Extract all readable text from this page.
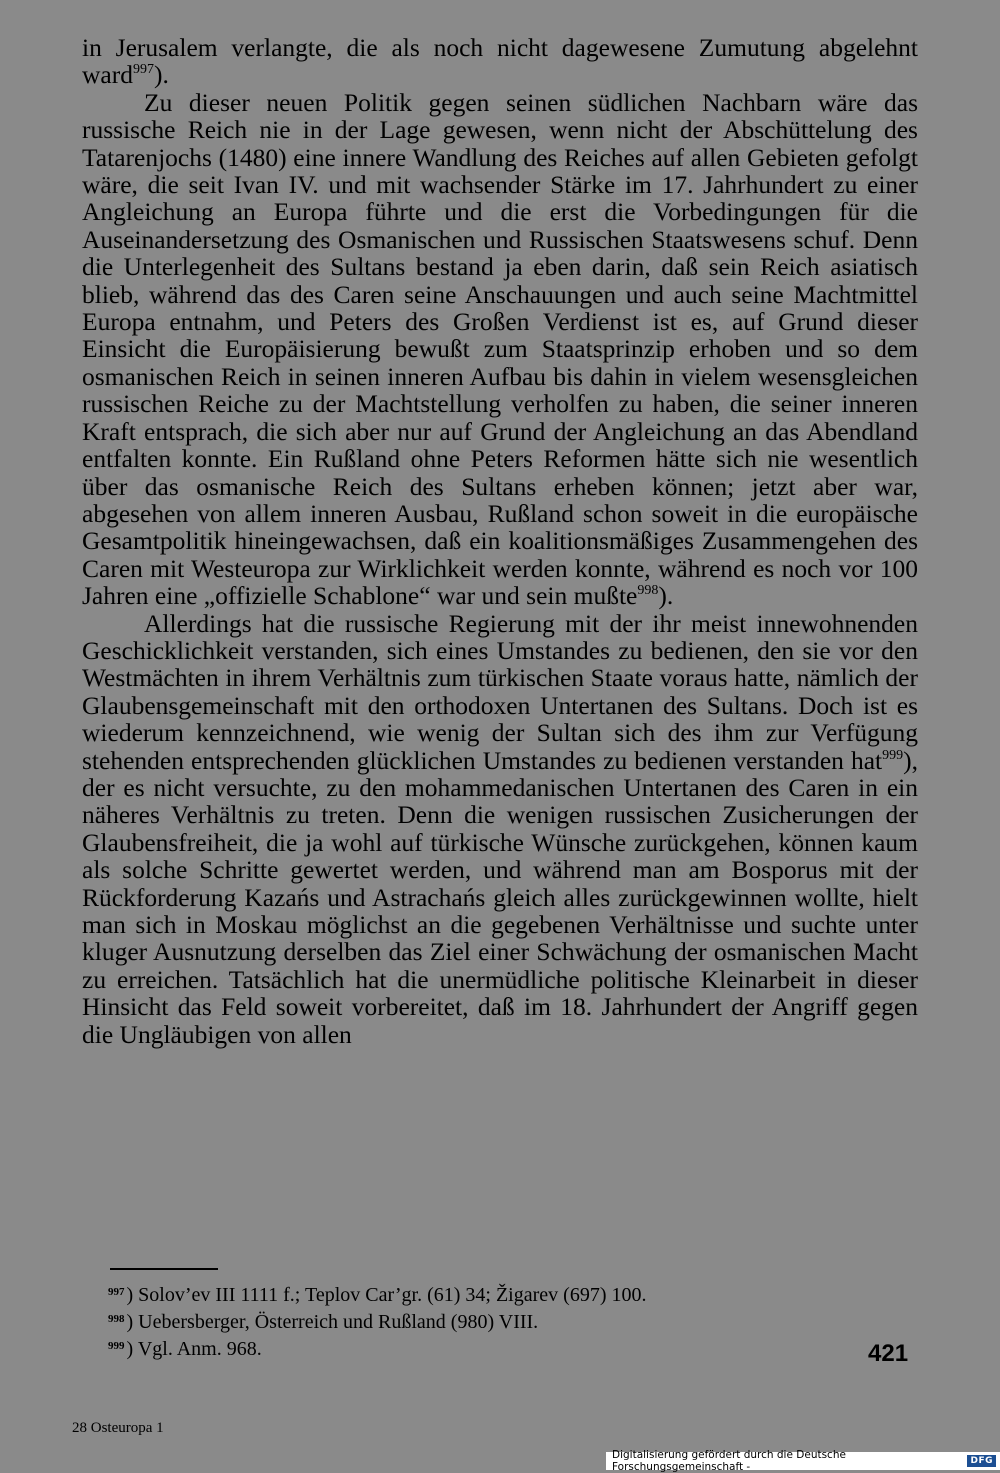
in Jerusalem verlangte, die als noch nicht dagewesene Zumutung abgelehnt ward$^{997}$).

Zu dieser neuen Politik gegen seinen südlichen Nachbarn wäre das russische Reich nie in der Lage gewesen, wenn nicht der Abschüttelung des Tatarenjochs (1480) eine innere Wandlung des Reiches auf allen Gebieten gefolgt wäre, die seit Ivan IV. und mit wachsender Stärke im 17. Jahrhundert zu einer Angleichung an Europa führte und die erst die Vorbedingungen für die Auseinandersetzung des Osmanischen und Russischen Staatswesens schuf. Denn die Unterlegenheit des Sultans bestand ja eben darin, daß sein Reich asiatisch blieb, während das des Caren seine Anschauungen und auch seine Machtmittel Europa entnahm, und Peters des Großen Verdienst ist es, auf Grund dieser Einsicht die Europäisierung bewußt zum Staatsprinzip erhoben und so dem osmanischen Reich in seinen inneren Aufbau bis dahin in vielem wesensgleichen russischen Reiche zu der Machtstellung verholfen zu haben, die seiner inneren Kraft entsprach, die sich aber nur auf Grund der Angleichung an das Abendland entfalten konnte. Ein Rußland ohne Peters Reformen hätte sich nie wesentlich über das osmanische Reich des Sultans erheben können; jetzt aber war, abgesehen von allem inneren Ausbau, Rußland schon soweit in die europäische Gesamtpolitik hineingewachsen, daß ein koalitionsmäßiges Zusammengehen des Caren mit Westeuropa zur Wirklichkeit werden konnte, während es noch vor 100 Jahren eine „offizielle Schablone“ war und sein mußte$^{998}$).

Allerdings hat die russische Regierung mit der ihr meist innewohnenden Geschicklichkeit verstanden, sich eines Umstandes zu bedienen, den sie vor den Westmächten in ihrem Verhältnis zum türkischen Staate voraus hatte, nämlich der Glaubensgemeinschaft mit den orthodoxen Untertanen des Sultans. Doch ist es wiederum kennzeichnend, wie wenig der Sultan sich des ihm zur Verfügung stehenden entsprechenden glücklichen Umstandes zu bedienen verstanden hat$^{999}$), der es nicht versuchte, zu den mohammedanischen Untertanen des Caren in ein näheres Verhältnis zu treten. Denn die wenigen russischen Zusicherungen der Glaubensfreiheit, die ja wohl auf türkische Wünsche zurückgehen, können kaum als solche Schritte gewertet werden, und während man am Bosporus mit der Rückforderung Kazańs und Astrachańs gleich alles zurückgewinnen wollte, hielt man sich in Moskau möglichst an die gegebenen Verhältnisse und suchte unter kluger Ausnutzung derselben das Ziel einer Schwächung der osmanischen Macht zu erreichen. Tatsächlich hat die unermüdliche politische Kleinarbeit in dieser Hinsicht das Feld soweit vorbereitet, daß im 18. Jahrhundert der Angriff gegen die Ungläubigen von allen

$^{997}$ ) Solov’ev III 1111 f.; Teplov Car’gr. (61) 34; Žigarev (697) 100.
$^{998}$ ) Uebersberger, Österreich und Rußland (980) VIII.
$^{999}$ ) Vgl. Anm. 968.	421
28 Osteuropa 1
Digitalisierung gefördert durch die Deutsche Forschungsgemeinschaft -	DFG
